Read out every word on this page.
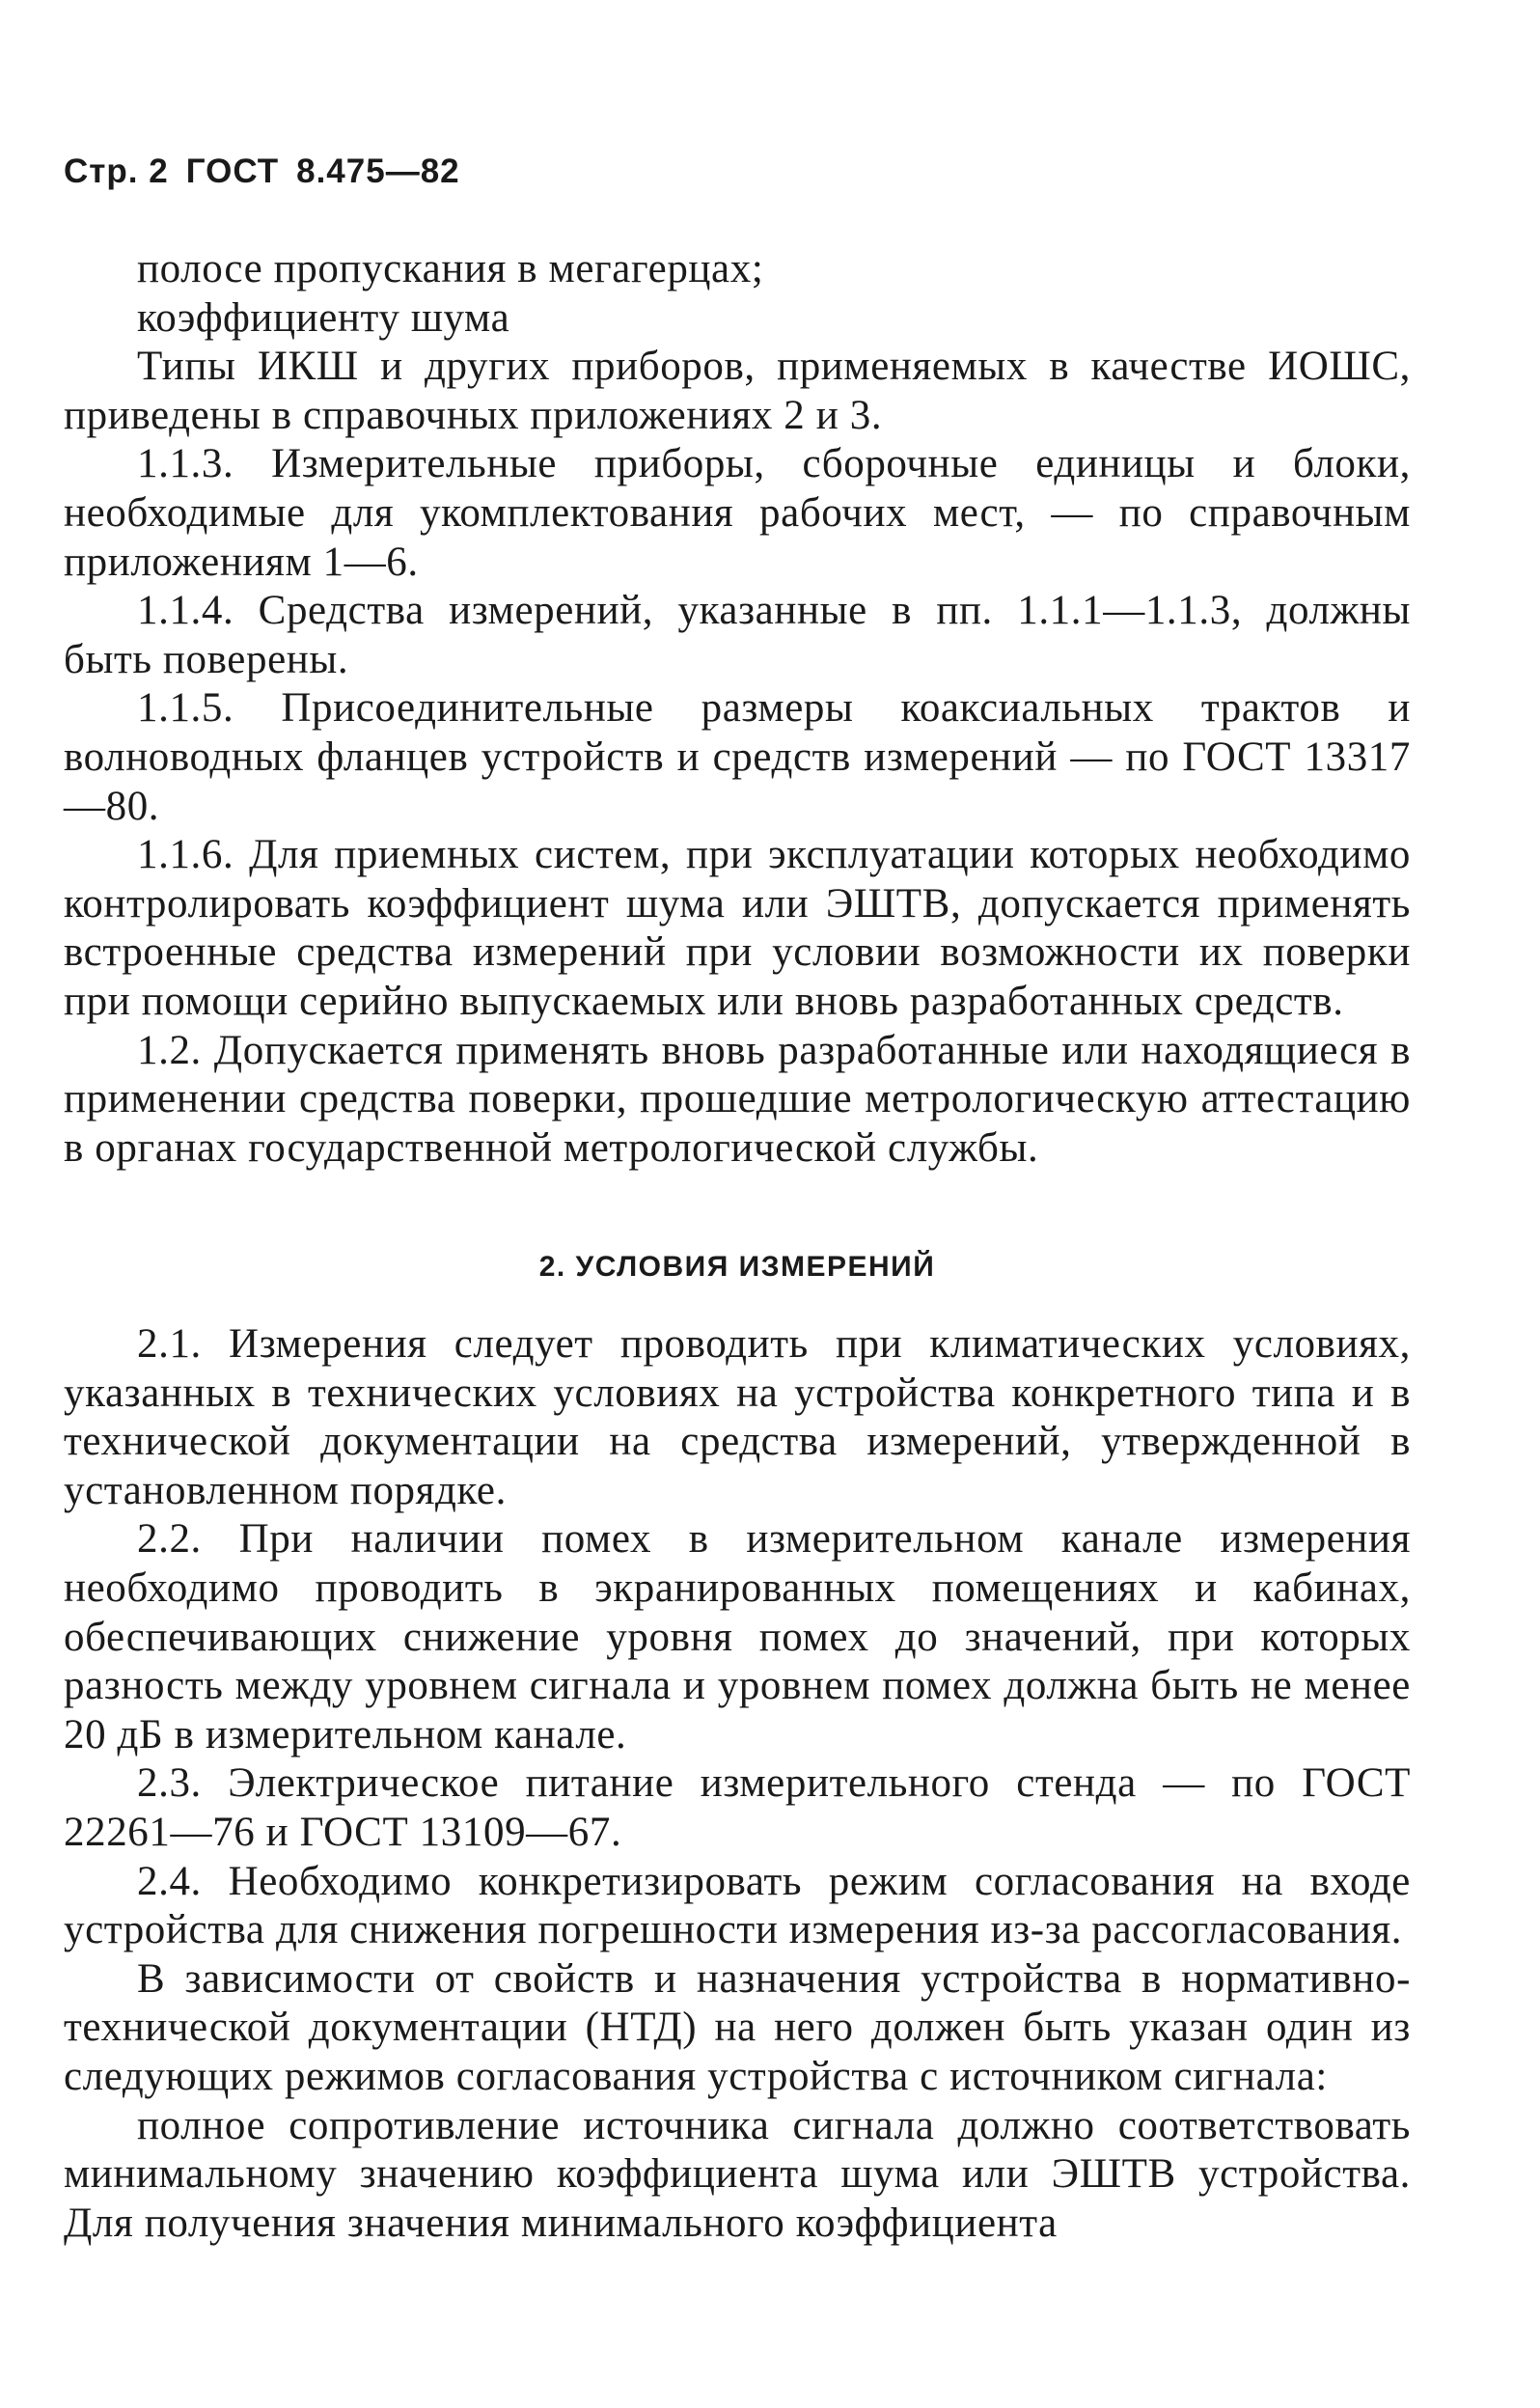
Стр. 2 ГОСТ 8.475—82

полосе пропускания в мегагерцах;

коэффициенту шума

Типы ИКШ и других приборов, применяемых в качестве ИОШС, приведены в справочных приложениях 2 и 3.

1.1.3. Измерительные приборы, сборочные единицы и блоки, необходимые для укомплектования рабочих мест, — по справочным приложениям 1—6.

1.1.4. Средства измерений, указанные в пп. 1.1.1—1.1.3, должны быть поверены.

1.1.5. Присоединительные размеры коаксиальных трактов и волноводных фланцев устройств и средств измерений — по ГОСТ 13317—80.

1.1.6. Для приемных систем, при эксплуатации которых необходимо контролировать коэффициент шума или ЭШТВ, допускается применять встроенные средства измерений при условии возможности их поверки при помощи серийно выпускаемых или вновь разработанных средств.

1.2. Допускается применять вновь разработанные или находящиеся в применении средства поверки, прошедшие метрологическую аттестацию в органах государственной метрологической службы.

2. УСЛОВИЯ ИЗМЕРЕНИЙ

2.1. Измерения следует проводить при климатических условиях, указанных в технических условиях на устройства конкретного типа и в технической документации на средства измерений, утвержденной в установленном порядке.

2.2. При наличии помех в измерительном канале измерения необходимо проводить в экранированных помещениях и кабинах, обеспечивающих снижение уровня помех до значений, при которых разность между уровнем сигнала и уровнем помех должна быть не менее 20 дБ в измерительном канале.

2.3. Электрическое питание измерительного стенда — по ГОСТ 22261—76 и ГОСТ 13109—67.

2.4. Необходимо конкретизировать режим согласования на входе устройства для снижения погрешности измерения из-за рассогласования.

В зависимости от свойств и назначения устройства в нормативно-технической документации (НТД) на него должен быть указан один из следующих режимов согласования устройства с источником сигнала:

полное сопротивление источника сигнала должно соответствовать минимальному значению коэффициента шума или ЭШТВ устройства. Для получения значения минимального коэффициента
